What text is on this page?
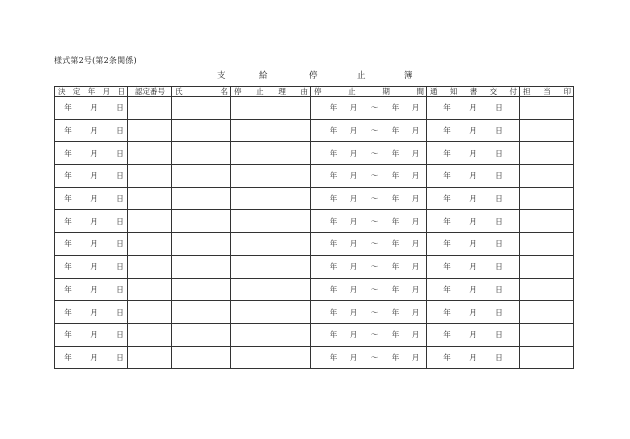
様式第2号(第2条関係)
支	給	停	止	簿
決 定 年 月 日	認定番号	氏 名	停 止 理 由	停 止 期 間	通 知 書 交 付	担 当 印

年 月 日				年 月 〜 年 月	年 月 日	
年 月 日				年 月 〜 年 月	年 月 日	
年 月 日				年 月 〜 年 月	年 月 日	
年 月 日				年 月 〜 年 月	年 月 日	
年 月 日				年 月 〜 年 月	年 月 日	
年 月 日				年 月 〜 年 月	年 月 日	
年 月 日				年 月 〜 年 月	年 月 日	
年 月 日				年 月 〜 年 月	年 月 日	
年 月 日				年 月 〜 年 月	年 月 日	
年 月 日				年 月 〜 年 月	年 月 日	
年 月 日				年 月 〜 年 月	年 月 日	
年 月 日				年 月 〜 年 月	年 月 日	
